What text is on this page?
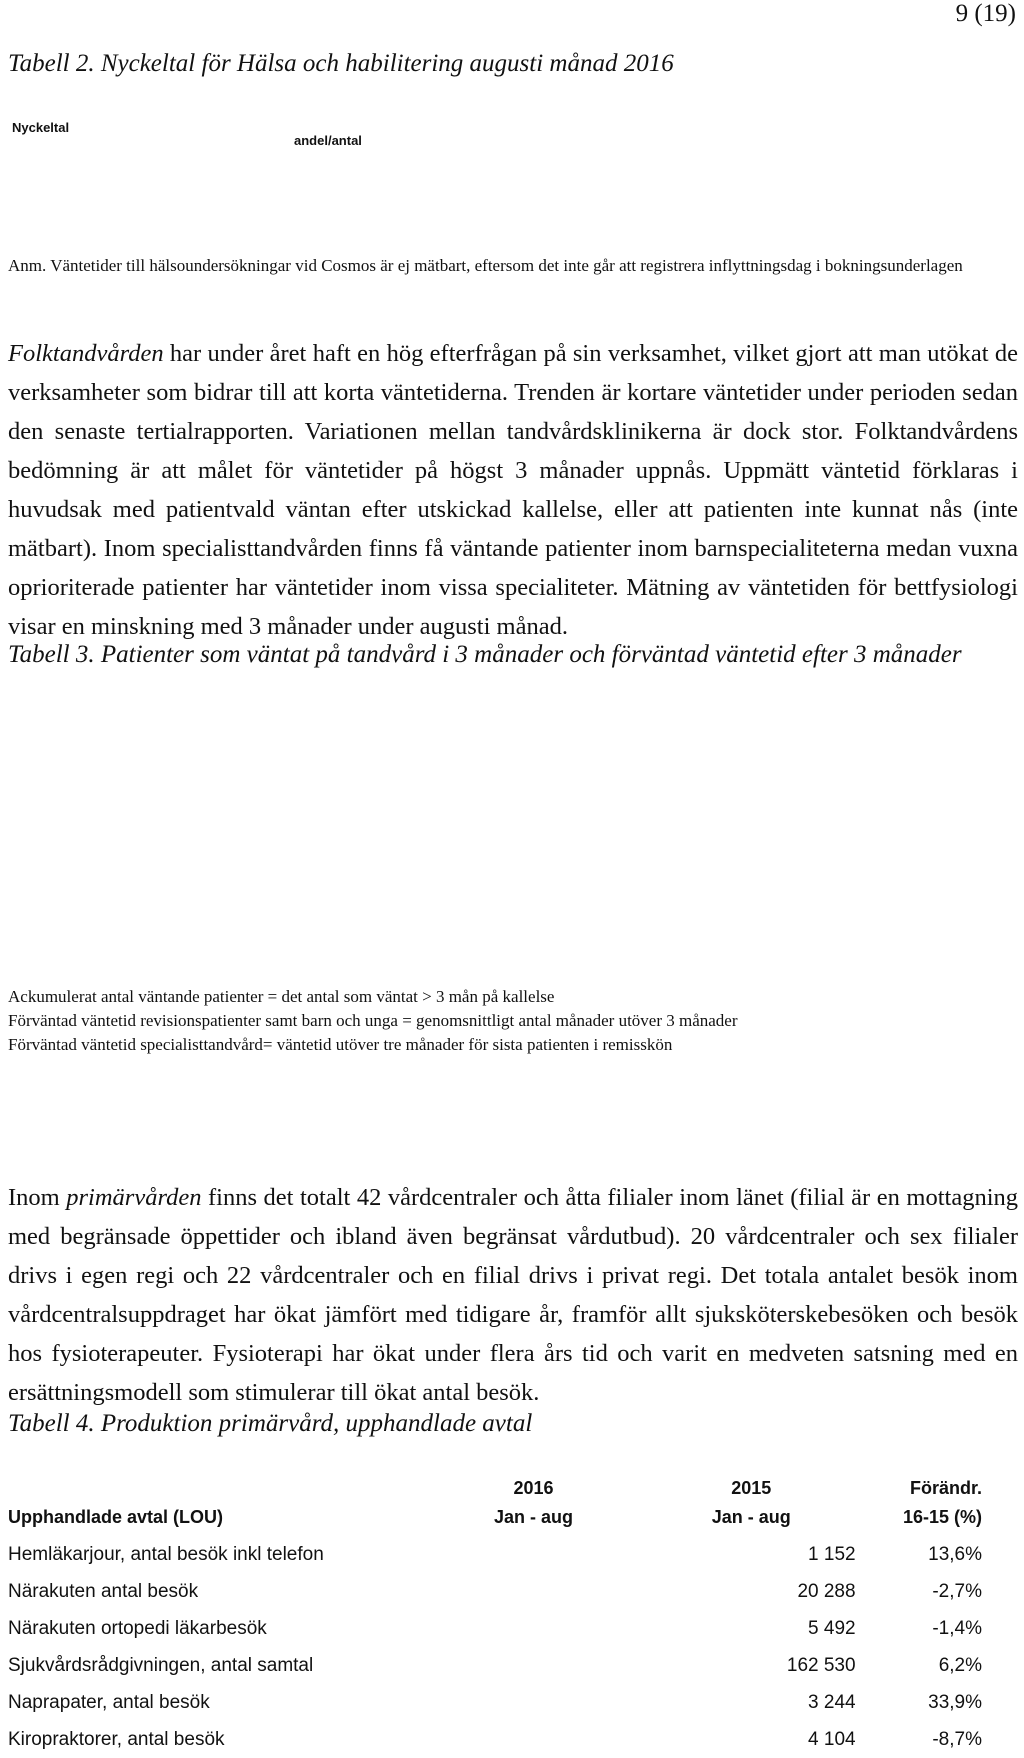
9 (19)
Tabell 2. Nyckeltal för Hälsa och habilitering augusti månad 2016
Nyckeltal
andel/antal
Anm. Väntetider till hälsoundersökningar vid Cosmos är ej mätbart, eftersom det inte går att registrera inflyttningsdag i bokningsunderlagen
Folktandvården har under året haft en hög efterfrågan på sin verksamhet, vilket gjort att man utökat de verksamheter som bidrar till att korta väntetiderna. Trenden är kortare väntetider under perioden sedan den senaste tertialrapporten. Variationen mellan tandvårdsklinikerna är dock stor. Folktandvårdens bedömning är att målet för väntetider på högst 3 månader uppnås. Uppmätt väntetid förklaras i huvudsak med patientvald väntan efter utskickad kallelse, eller att patienten inte kunnat nås (inte mätbart). Inom specialisttandvården finns få väntande patienter inom barnspecialiteterna medan vuxna oprioriterade patienter har väntetider inom vissa specialiteter. Mätning av väntetiden för bettfysiologi visar en minskning med 3 månader under augusti månad.
Tabell 3. Patienter som väntat på tandvård i 3 månader och förväntad väntetid efter 3 månader
Ackumulerat antal väntande patienter = det antal som väntat > 3 mån på kallelse
Förväntad väntetid revisionspatienter samt barn och unga = genomsnittligt antal månader utöver 3 månader
Förväntad väntetid specialisttandvård= väntetid utöver tre månader för sista patienten i remisskön
Inom primärvården finns det totalt 42 vårdcentraler och åtta filialer inom länet (filial är en mottagning med begränsade öppettider och ibland även begränsat vårdutbud). 20 vårdcentraler och sex filialer drivs i egen regi och 22 vårdcentraler och en filial drivs i privat regi. Det totala antalet besök inom vårdcentralsuppdraget har ökat jämfört med tidigare år, framför allt sjuksköterskebesöken och besök hos fysioterapeuter. Fysioterapi har ökat under flera års tid och varit en medveten satsning med en ersättningsmodell som stimulerar till ökat antal besök.
Tabell 4. Produktion primärvård, upphandlade avtal
	2016	2015	Förändr.
Upphandlade avtal (LOU)	Jan - aug	Jan - aug	16-15 (%)
Hemläkarjour, antal besök inkl telefon		1 152	13,6%
Närakuten antal besök		20 288	-2,7%
Närakuten ortopedi läkarbesök		5 492	-1,4%
Sjukvårdsrådgivningen, antal samtal		162 530	6,2%
Naprapater, antal besök		3 244	33,9%
Kiropraktorer, antal besök		4 104	-8,7%
